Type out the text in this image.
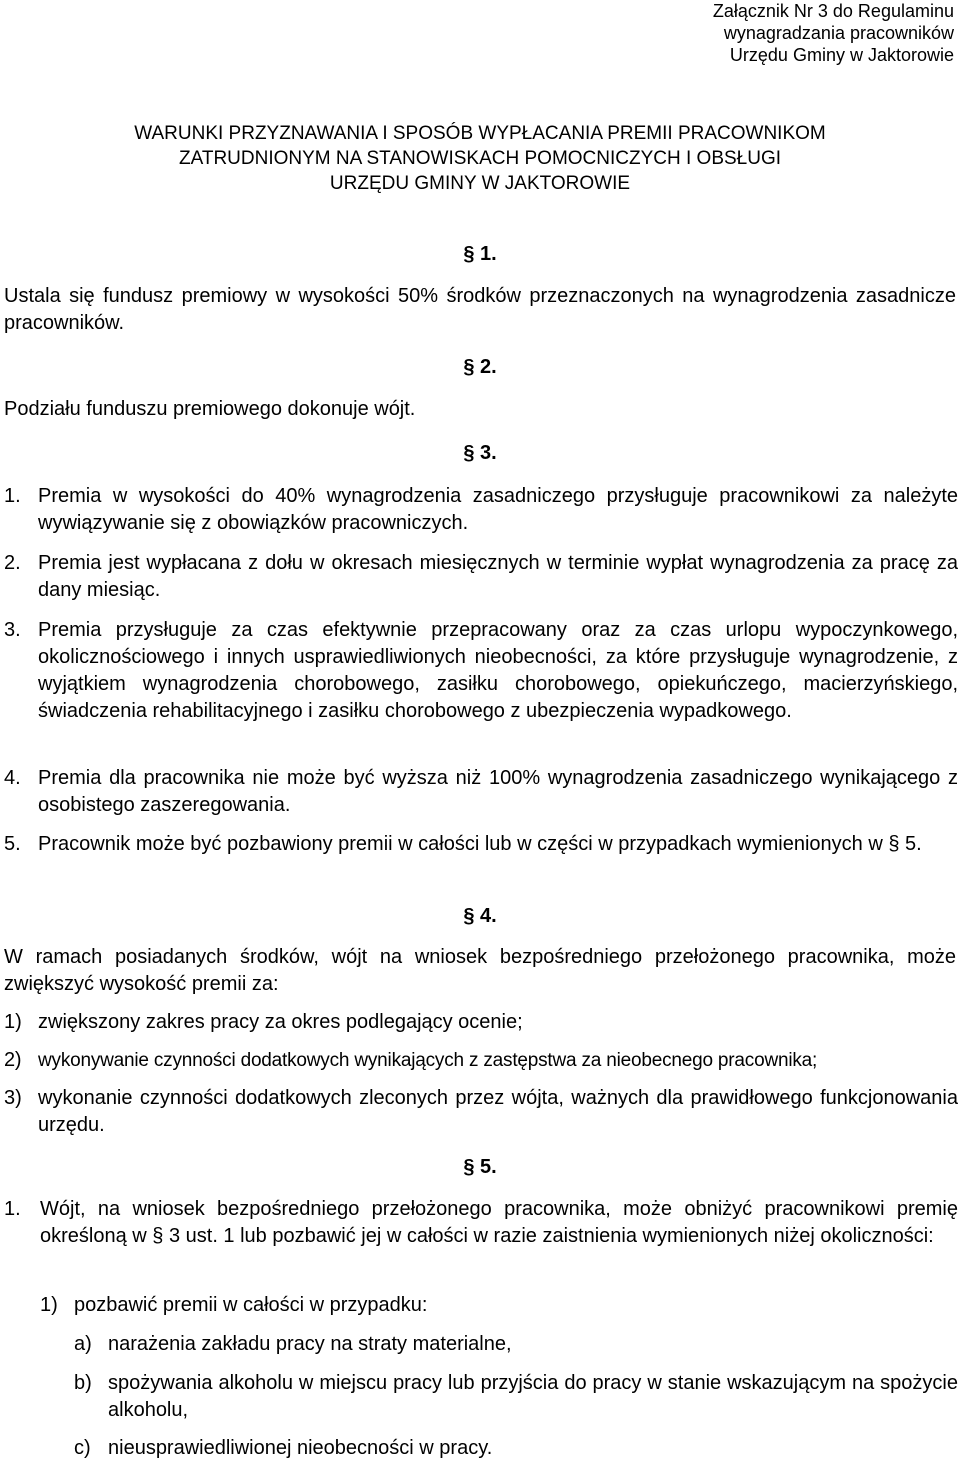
Załącznik Nr 3 do Regulaminu
wynagradzania pracowników
Urzędu Gminy w Jaktorowie
WARUNKI PRZYZNAWANIA I SPOSÓB WYPŁACANIA PREMII PRACOWNIKOM
ZATRUDNIONYM NA STANOWISKACH POMOCNICZYCH I OBSŁUGI
URZĘDU GMINY W JAKTOROWIE
§ 1.
Ustala się fundusz premiowy w wysokości 50% środków przeznaczonych na wynagrodzenia zasadnicze pracowników.
§ 2.
Podziału funduszu premiowego dokonuje wójt.
§ 3.
1. Premia w wysokości do 40% wynagrodzenia zasadniczego przysługuje pracownikowi za należyte wywiązywanie się z obowiązków pracowniczych.
2. Premia jest wypłacana z dołu w okresach miesięcznych w terminie wypłat wynagrodzenia za pracę za dany miesiąc.
3. Premia przysługuje za czas efektywnie przepracowany oraz za czas urlopu wypoczynkowego, okolicznościowego i innych usprawiedliwionych nieobecności, za które przysługuje wynagrodzenie, z wyjątkiem wynagrodzenia chorobowego, zasiłku chorobowego, opiekuńczego, macierzyńskiego, świadczenia rehabilitacyjnego i zasiłku chorobowego z ubezpieczenia wypadkowego.
4. Premia dla pracownika nie może być wyższa niż 100% wynagrodzenia zasadniczego wynikającego z osobistego zaszeregowania.
5. Pracownik może być pozbawiony premii w całości lub w części w przypadkach wymienionych w § 5.
§ 4.
W ramach posiadanych środków, wójt na wniosek bezpośredniego przełożonego pracownika, może zwiększyć wysokość premii za:
1) zwiększony zakres pracy za okres podlegający ocenie;
2) wykonywanie czynności dodatkowych wynikających z zastępstwa za nieobecnego pracownika;
3) wykonanie czynności dodatkowych zleconych przez wójta, ważnych dla prawidłowego funkcjonowania urzędu.
§ 5.
1. Wójt, na wniosek bezpośredniego przełożonego pracownika, może obniżyć pracownikowi premię określoną w § 3 ust. 1 lub pozbawić jej w całości w razie zaistnienia wymienionych niżej okoliczności:
1) pozbawić premii w całości w przypadku:
a) narażenia zakładu pracy na straty materialne,
b) spożywania alkoholu w miejscu pracy lub przyjścia do pracy w stanie wskazującym na spożycie alkoholu,
c) nieusprawiedliwionej nieobecności w pracy.
